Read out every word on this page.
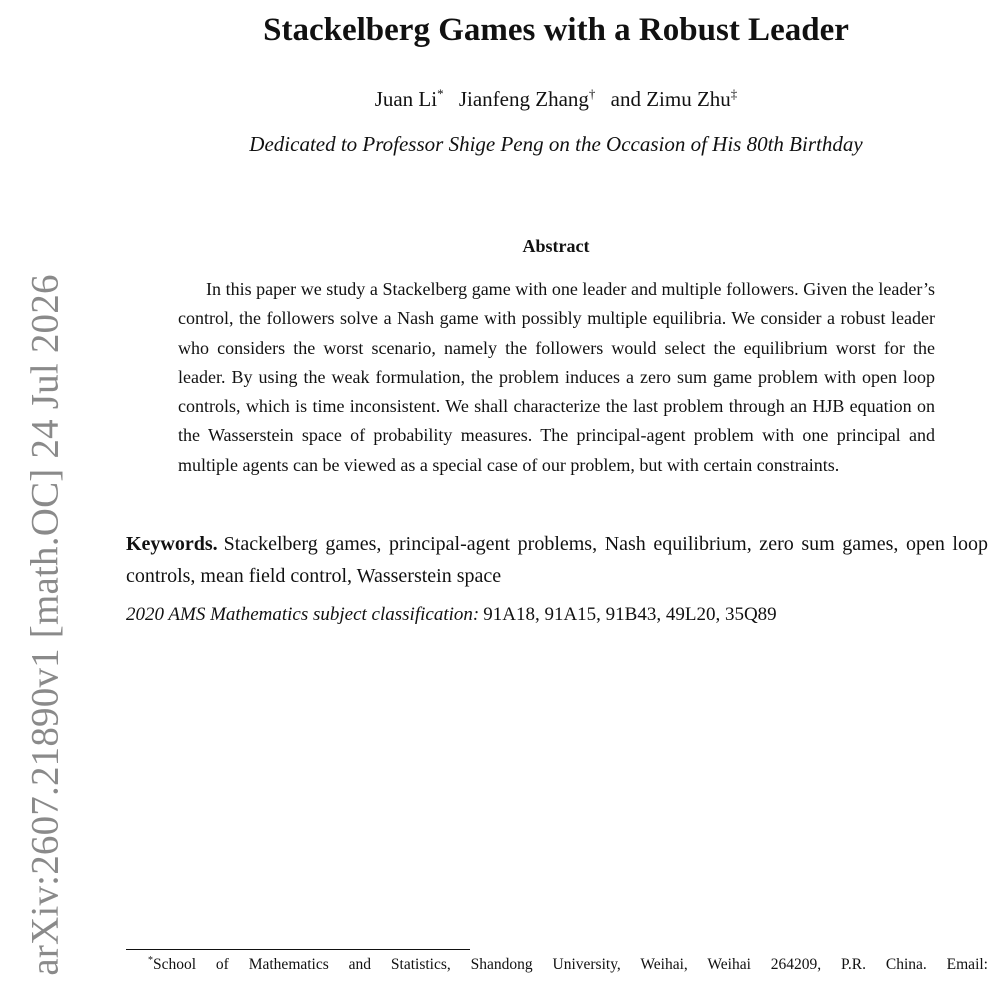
arXiv:2607.21890v1 [math.OC] 24 Jul 2026
Stackelberg Games with a Robust Leader
Juan Li* Jianfeng Zhang† and Zimu Zhu‡
Dedicated to Professor Shige Peng on the Occasion of His 80th Birthday
Abstract

In this paper we study a Stackelberg game with one leader and multiple followers. Given the leader’s control, the followers solve a Nash game with possibly multiple equilibria. We consider a robust leader who considers the worst scenario, namely the followers would select the equilibrium worst for the leader. By using the weak formulation, the problem induces a zero sum game problem with open loop controls, which is time inconsistent. We shall characterize the last problem through an HJB equation on the Wasserstein space of probability measures. The principal-agent problem with one principal and multiple agents can be viewed as a special case of our problem, but with certain constraints.

Keywords. Stackelberg games, principal-agent problems, Nash equilibrium, zero sum games, open loop controls, mean field control, Wasserstein space

2020 AMS Mathematics subject classification: 91A18, 91A15, 91B43, 49L20, 35Q89

*School of Mathematics and Statistics, Shandong University, Weihai, Weihai 264209, P.R. China. Email:
